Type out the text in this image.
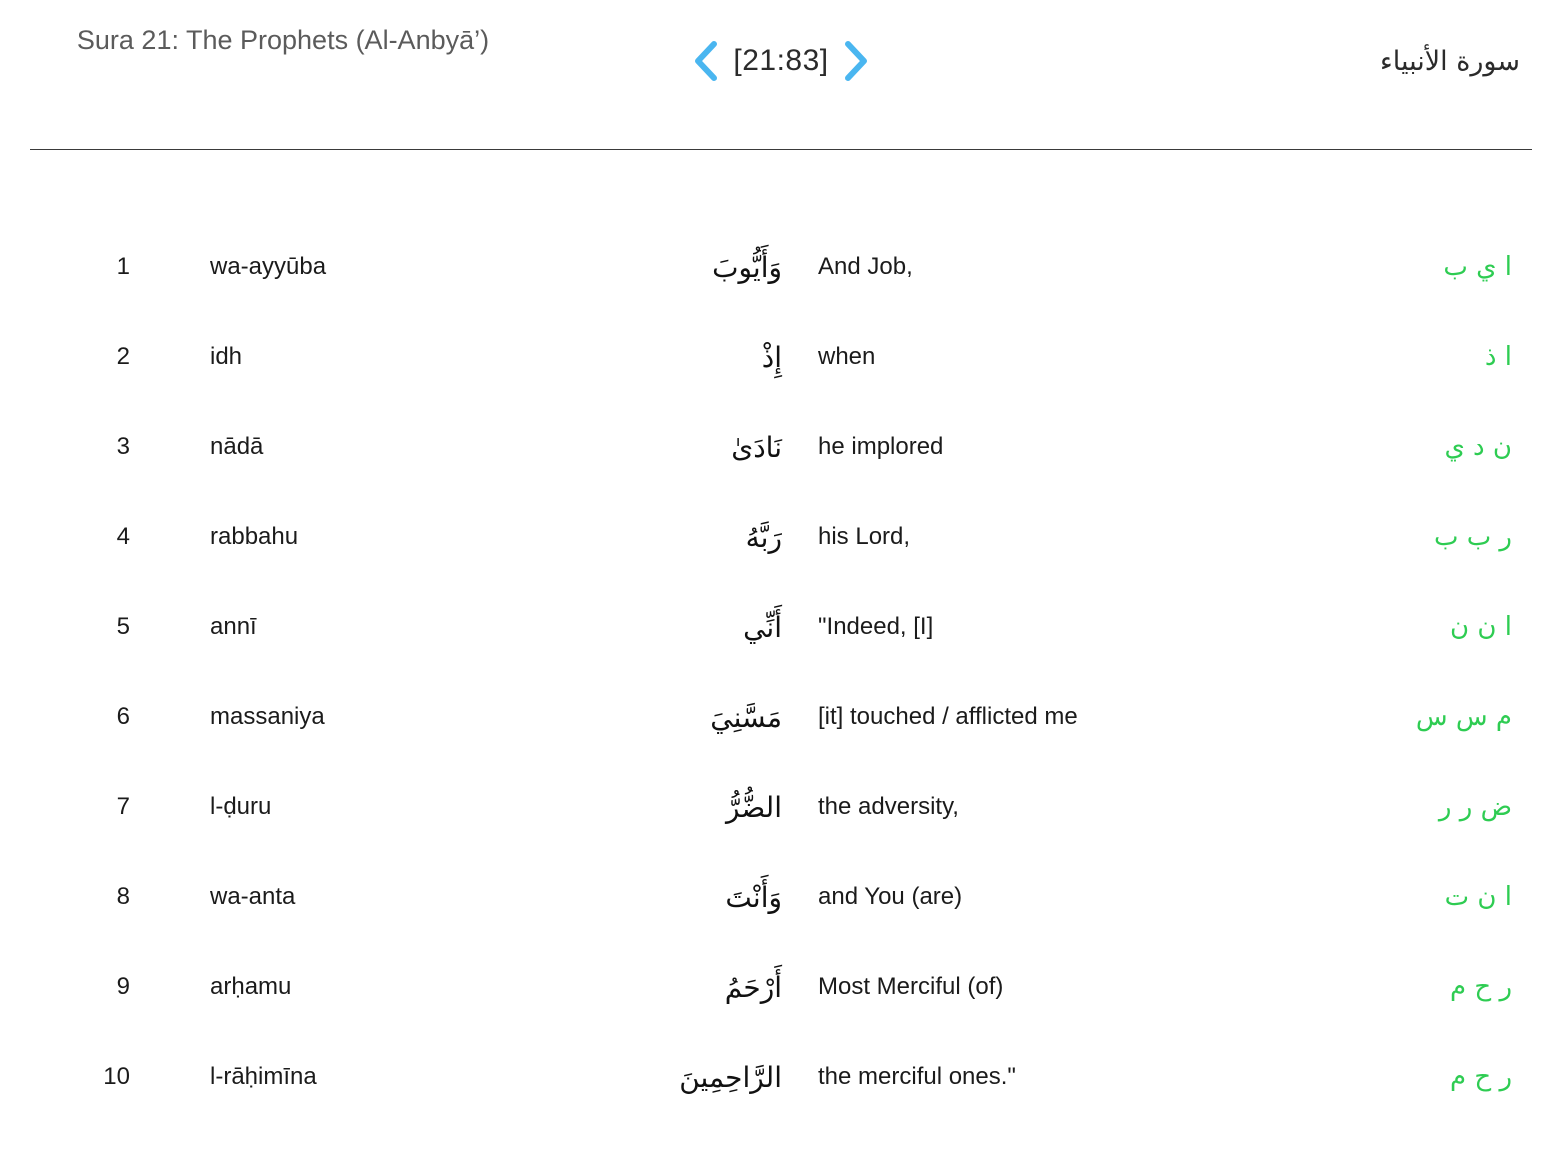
Sura 21: The Prophets (Al-Anbyā’)
[21:83]	سورة الأنبياء
1	wa-ayyūba	وَأَيُّوبَ	And Job,	ا ي ب
2	idh	إِذْ	when	ا ذ
3	nādā	نَادَىٰ	he implored	ن د ي
4	rabbahu	رَبَّهُ	his Lord,	ر ب ب
5	annī	أَنِّي	"Indeed, [I]	ا ن ن
6	massaniya	مَسَّنِيَ	[it] touched / afflicted me	م س س
7	l-ḍuru	الضُّرُّ	the adversity,	ض ر ر
8	wa-anta	وَأَنْتَ	and You (are)	ا ن ت
9	arḥamu	أَرْحَمُ	Most Merciful (of)	ر ح م
10	l-rāḥimīna	الرَّاحِمِينَ	the merciful ones."	ر ح م
